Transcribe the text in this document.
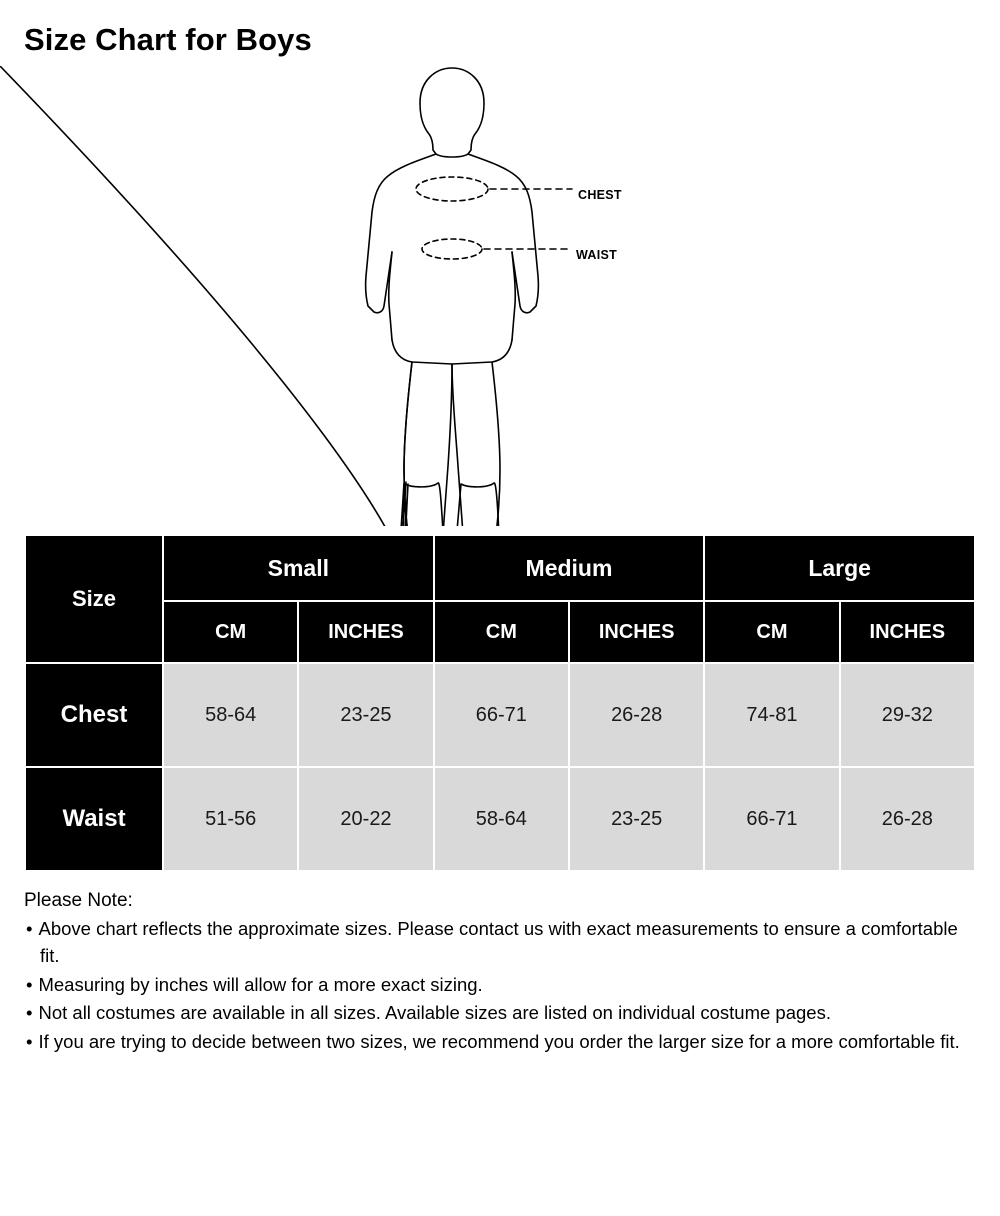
Size Chart for Boys
CHEST
WAIST
Size	Small		Medium		Large	
	CM	INCHES	CM	INCHES	CM	INCHES
Chest	58-64	23-25	66-71	26-28	74-81	29-32
Waist	51-56	20-22	58-64	23-25	66-71	26-28
Please Note:
• Above chart reflects the approximate sizes. Please contact us with exact measurements to ensure a comfortable fit.
• Measuring by inches will allow for a more exact sizing.
• Not all costumes are available in all sizes. Available sizes are listed on individual costume pages.
• If you are trying to decide between two sizes, we recommend you order the larger size for a more comfortable fit.
